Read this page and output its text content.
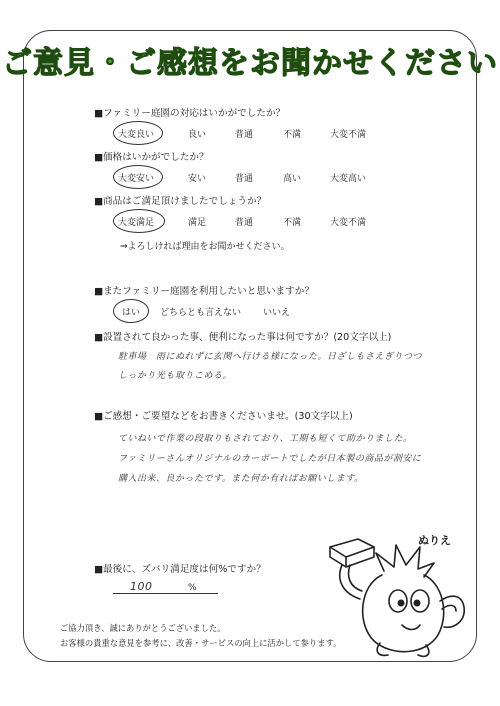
ご意見・ご感想をお聞かせください
■ファミリー庭園の対応はいかがでしたか？
大変良い	良い	普通	不満	大変不満
■価格はいかがでしたか？
大変安い	安い	普通	高い	大変高い
■商品はご満足頂けましたでしょうか？
大変満足	満足	普通	不満	大変不満
⇒よろしければ理由をお聞かせください。
■またファミリー庭園を利用したいと思いますか？
はい どちらとも言えない いいえ
■設置されて良かった事、便利になった事は何ですか？(20文字以上)
駐車場　雨にぬれずに玄関へ行ける様になった。日ざしもさえぎりつつ
しっかり光も取りこめる。
■ご感想・ご要望などをお書きくださいませ。(30文字以上)
ていねいで作業の段取りもされており、工期も短くて助かりました。
ファミリーさんオリジナルのカーポートでしたが日本製の商品が割安に
購入出来、良かったです。また何か有ればお願いします。
■最後に、ズバリ満足度は何%ですか？
100	%
ご協力頂き、誠にありがとうございました。
お客様の貴重な意見を参考に、改善・サービスの向上に活かして参ります。
ぬりえ
